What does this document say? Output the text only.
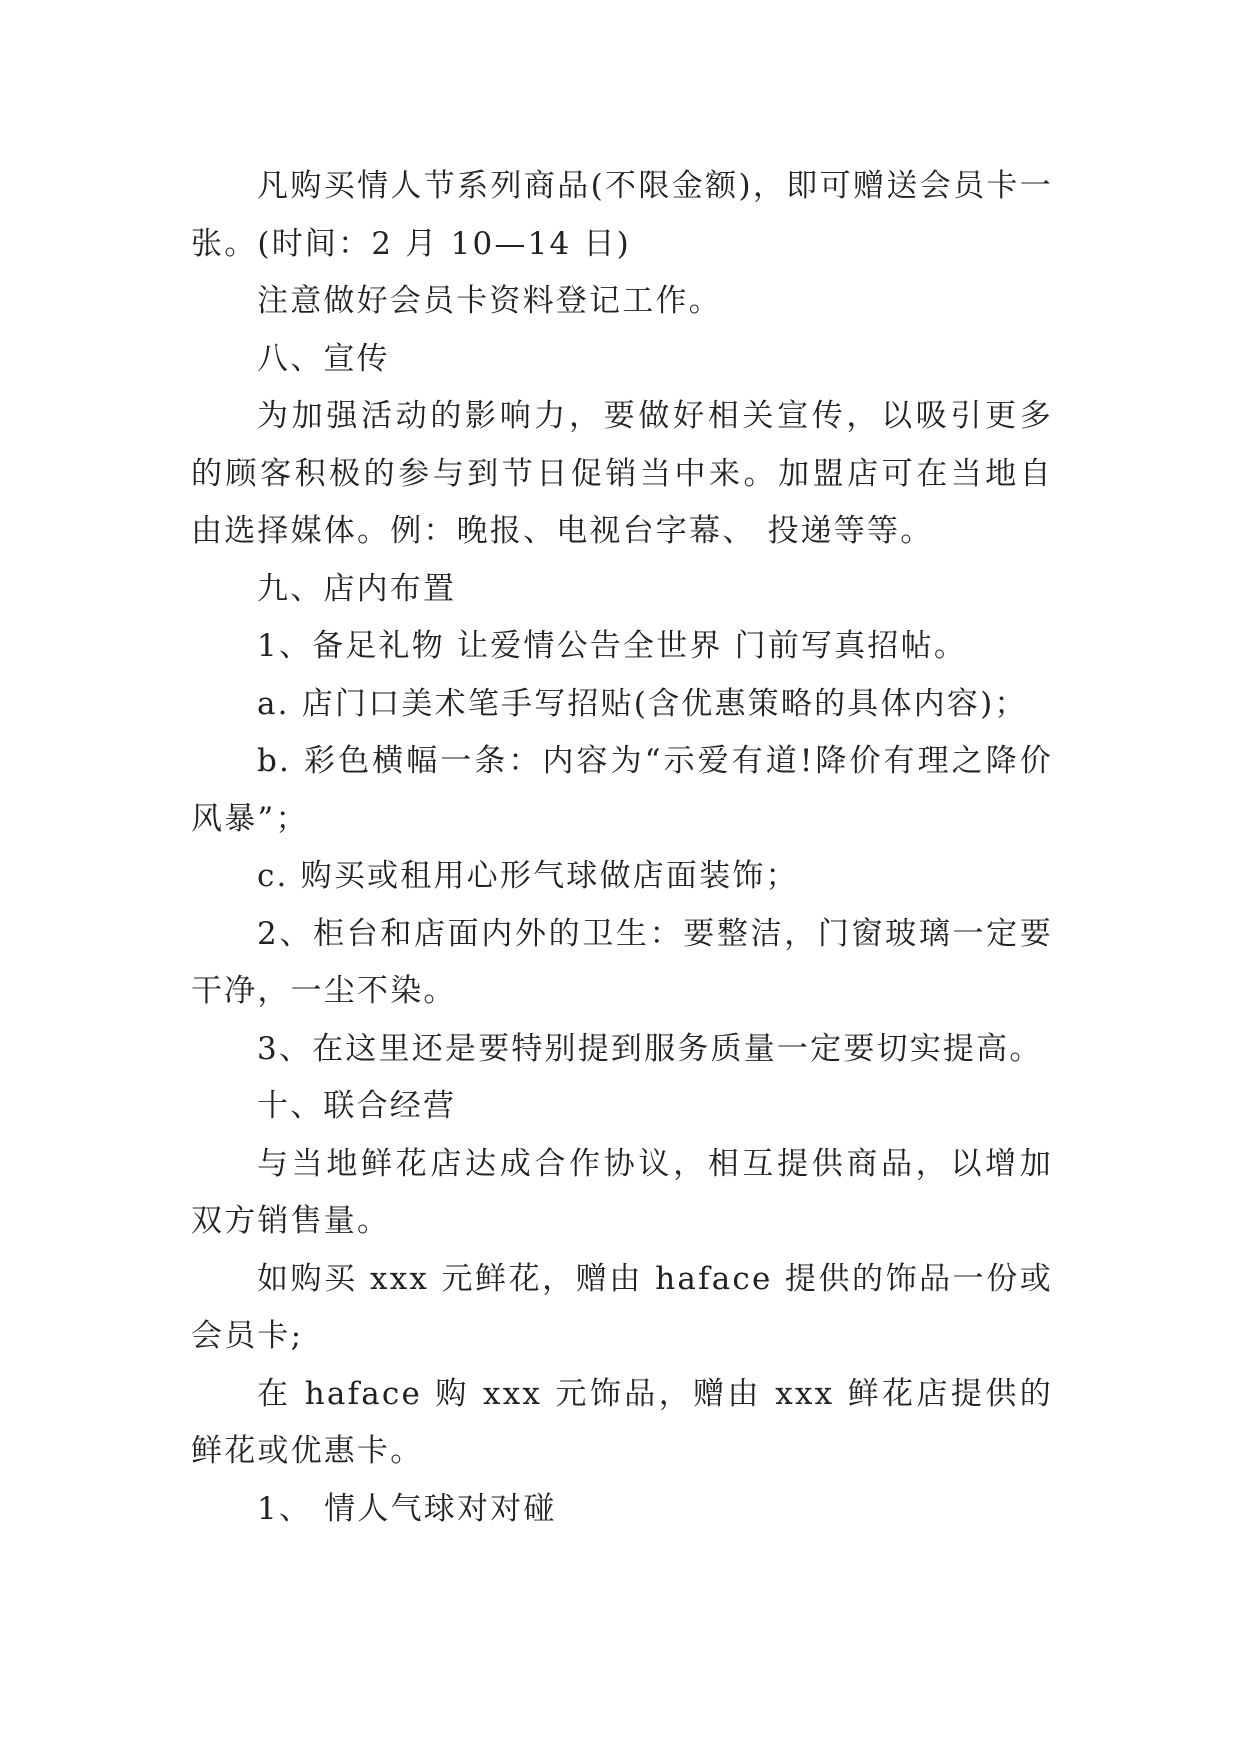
凡购买情人节系列商品(不限金额)，即可赠送会员卡一张。(时间：2 月 10—14 日)

注意做好会员卡资料登记工作。

八、宣传

为加强活动的影响力，要做好相关宣传，以吸引更多的顾客积极的参与到节日促销当中来。加盟店可在当地自由选择媒体。例：晚报、电视台字幕、 投递等等。

九、店内布置

1、备足礼物 让爱情公告全世界 门前写真招帖。

a. 店门口美术笔手写招贴(含优惠策略的具体内容)；

b. 彩色横幅一条：内容为“示爱有道!降价有理之降价风暴”；

c. 购买或租用心形气球做店面装饰；

2、柜台和店面内外的卫生：要整洁，门窗玻璃一定要干净，一尘不染。

3、在这里还是要特别提到服务质量一定要切实提高。

十、联合经营

与当地鲜花店达成合作协议，相互提供商品，以增加双方销售量。

如购买 xxx 元鲜花，赠由 haface 提供的饰品一份或会员卡;

在 haface 购 xxx 元饰品，赠由 xxx 鲜花店提供的鲜花或优惠卡。

1、 情人气球对对碰
